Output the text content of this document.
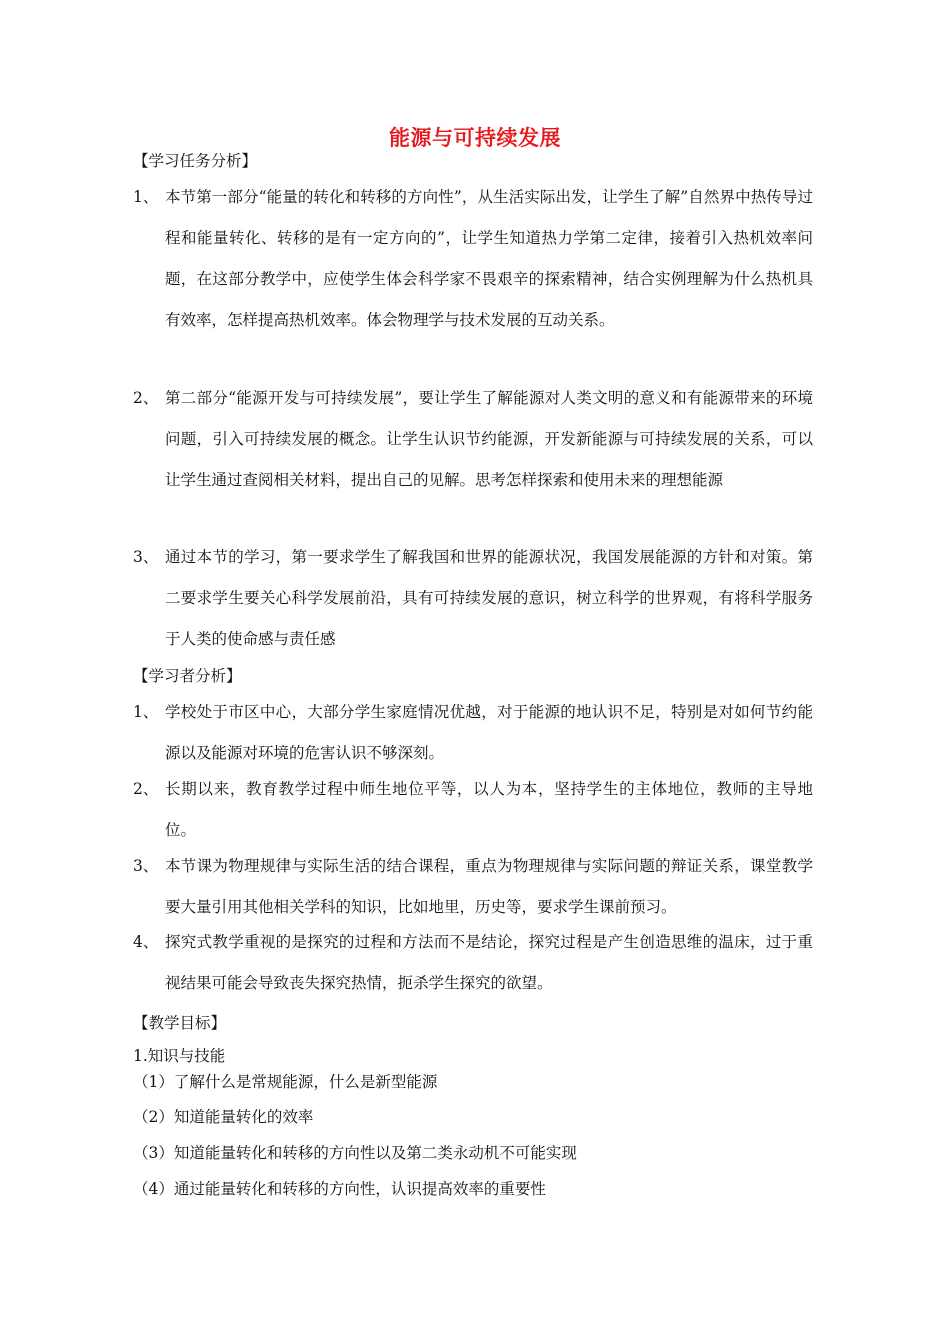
能源与可持续发展
【学习任务分析】
1、 本节第一部分“能量的转化和转移的方向性”，从生活实际出发，让学生了解”自然界中热传导过程和能量转化、转移的是有一定方向的”，让学生知道热力学第二定律，接着引入热机效率问题，在这部分教学中，应使学生体会科学家不畏艰辛的探索精神，结合实例理解为什么热机具有效率，怎样提高热机效率。体会物理学与技术发展的互动关系。
2、 第二部分“能源开发与可持续发展”，要让学生了解能源对人类文明的意义和有能源带来的环境问题，引入可持续发展的概念。让学生认识节约能源，开发新能源与可持续发展的关系，可以让学生通过查阅相关材料，提出自己的见解。思考怎样探索和使用未来的理想能源
3、 通过本节的学习，第一要求学生了解我国和世界的能源状况，我国发展能源的方针和对策。第二要求学生要关心科学发展前沿，具有可持续发展的意识，树立科学的世界观，有将科学服务于人类的使命感与责任感
【学习者分析】
1、 学校处于市区中心，大部分学生家庭情况优越，对于能源的地认识不足，特别是对如何节约能源以及能源对环境的危害认识不够深刻。
2、 长期以来，教育教学过程中师生地位平等，以人为本，坚持学生的主体地位，教师的主导地位。
3、 本节课为物理规律与实际生活的结合课程，重点为物理规律与实际问题的辩证关系，课堂教学要大量引用其他相关学科的知识，比如地里，历史等，要求学生课前预习。
4、 探究式教学重视的是探究的过程和方法而不是结论，探究过程是产生创造思维的温床，过于重视结果可能会导致丧失探究热情，扼杀学生探究的欲望。
【教学目标】
1.知识与技能
（1）了解什么是常规能源，什么是新型能源
（2）知道能量转化的效率
（3）知道能量转化和转移的方向性以及第二类永动机不可能实现
（4）通过能量转化和转移的方向性，认识提高效率的重要性
